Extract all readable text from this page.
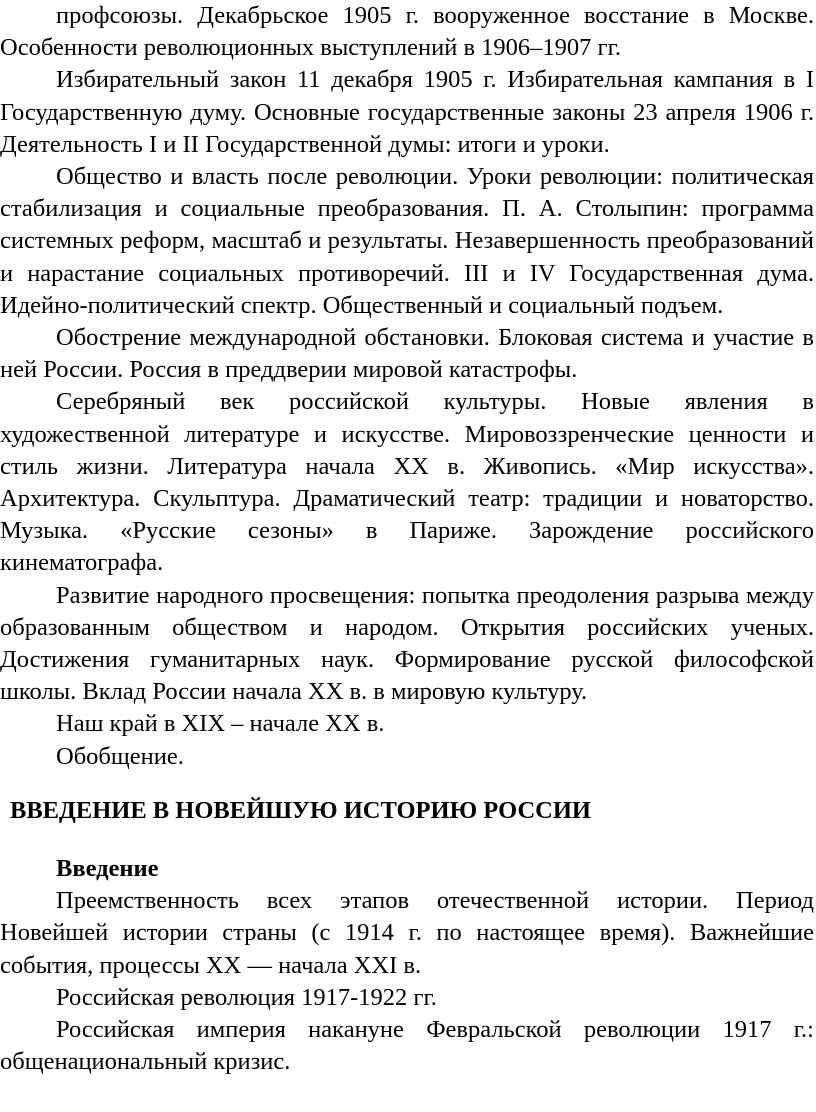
профсоюзы. Декабрьское 1905 г. вооруженное восстание в Москве. Особенности революционных выступлений в 1906–1907 гг.

Избирательный закон 11 декабря 1905 г. Избирательная кампания в I Государственную думу. Основные государственные законы 23 апреля 1906 г. Деятельность I и II Государственной думы: итоги и уроки.

Общество и власть после революции. Уроки революции: политическая стабилизация и социальные преобразования. П. А. Столыпин: программа системных реформ, масштаб и результаты. Незавершенность преобразований и нарастание социальных противоречий. III и IV Государственная дума. Идейно-политический спектр. Общественный и социальный подъем.

Обострение международной обстановки. Блоковая система и участие в ней России. Россия в преддверии мировой катастрофы.

Серебряный век российской культуры. Новые явления в художественной литературе и искусстве. Мировоззренческие ценности и стиль жизни. Литература начала XX в. Живопись. «Мир искусства». Архитектура. Скульптура. Драматический театр: традиции и новаторство. Музыка. «Русские сезоны» в Париже. Зарождение российского кинематографа.

Развитие народного просвещения: попытка преодоления разрыва между образованным обществом и народом. Открытия российских ученых. Достижения гуманитарных наук. Формирование русской философской школы. Вклад России начала XX в. в мировую культуру.

Наш край в XIX – начале XX в.

Обобщение.

ВВЕДЕНИЕ В НОВЕЙШУЮ ИСТОРИЮ РОССИИ
Введение

Преемственность всех этапов отечественной истории. Период Новейшей истории страны (с 1914 г. по настоящее время). Важнейшие события, процессы XX — начала XXI в.

Российская революция 1917-1922 гг.

Российская империя накануне Февральской революции 1917 г.: общенациональный кризис.
